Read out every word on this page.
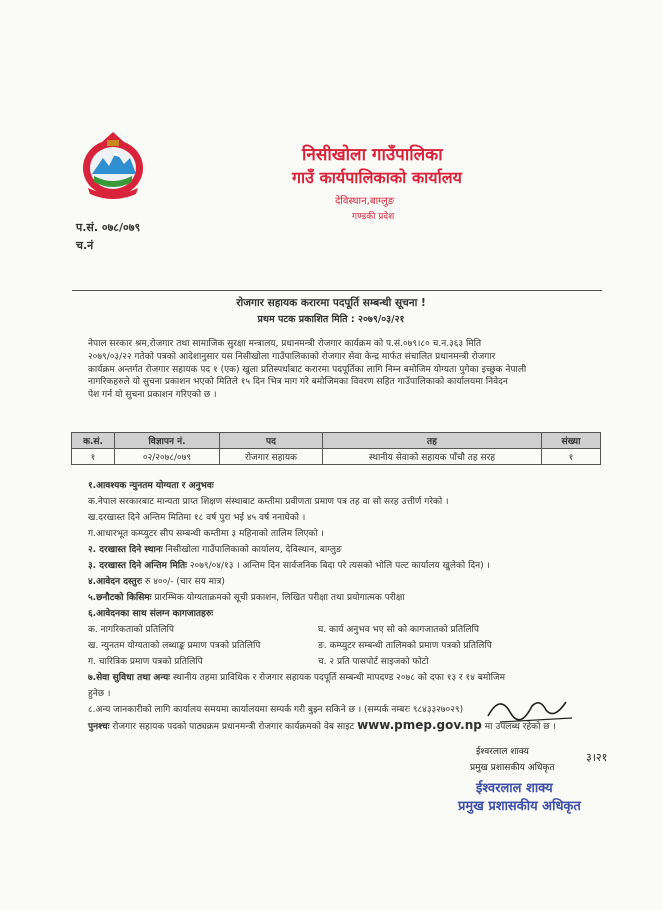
निसीखोला गाउँपालिका
गाउँ कार्यपालिकाको कार्यालय
देविस्थान,बाग्लुङ
गण्डकी प्रदेश
प.सं. ०७८/०७९
च.नं
रोजगार सहायक करारमा पदपूर्ति सम्बन्धी सूचना !
प्रथम पटक प्रकाशित मिति : २०७९/०३/२१
नेपाल सरकार श्रम,रोजगार तथा सामाजिक सुरक्षा मन्त्रालय, प्रधानमन्त्री रोजगार कार्यक्रम को प.सं.०७९।८० च.न.३६३ मिति
२०७९/०३/२२ गतेको पत्रको आदेशानुसार यस निसीखोला गाउँपालिकाको रोजगार सेवा केन्द्र मार्फत संचालित प्रधानमन्त्री रोजगार
कार्यक्रम अन्तर्गत रोजगार सहायक पद १ (एक) खुला प्रतिस्पर्धाबाट करारमा पदपूर्तिका लागि निम्न बमोजिम योग्यता पुगेका इच्छुक नेपाली
नागरिकहरुले यो सुचना प्रकाशन भएको मितिले १५ दिन भित्र माग गरे बमोजिमका विवरण सहित गाउँपालिकाको कार्यालयमा निवेदन
पेश गर्न यो सुचना प्रकाशन गरिएको छ ।
क.सं.	विज्ञापन नं.	पद	तह	संख्या
१	०२/२०७८/०७९	रोजगार सहायक	स्थानीय सेवाको सहायक पाँचौ तह सरह	१
१.आवश्यक न्युनतम योग्यता र अनुभवः
क.नेपाल सरकारबाट मान्यता प्राप्त शिक्षण संस्थाबाट कम्तीमा प्रवीणता प्रमाण पत्र तह वा सो सरह उत्तीर्ण गरेको ।
ख.दरखास्त दिने अन्तिम मितिमा १८ वर्ष पुरा भई ४५ वर्ष ननाघेको ।
ग.आधारभूत कम्प्युटर सीप सम्बन्धी कम्तीमा ३ महिनाको तालिम लिएको ।
२. दरखास्त दिने स्थानः निसीखोला गाउँपालिकाको कार्यालय, देविस्थान, बाग्लुङ
३. दरखास्त दिने अन्तिम मितिः २०७९/०४/१३ । अन्तिम दिन सार्वजनिक बिदा परे त्यसको भोलि पल्ट कार्यालय खुलेको दिन) ।
४.आवेदन दस्तुरः रु ४००/- (चार सय मात्र)
५.छनौटको किसिमः प्रारम्भिक योग्यताक्रमको सूची प्रकाशन, लिखित परीक्षा तथा प्रयोगात्मक परीक्षा
६.आवेदनका साथ संलग्न कागजातहरुः
क. नागरिकताको प्रतिलिपि
ख. न्युनतम योग्यताको लब्धाङ्क प्रमाण पत्रको प्रतिलिपि
ग. चारित्रिक प्रमाण पत्रको प्रतिलिपि
घ. कार्य अनुभव भए सो को कागजातको प्रतिलिपि
ङ. कम्प्युटर सम्बन्धी तालिमको प्रमाण पत्रको प्रतिलिपि
च. २ प्रति पासपोर्ट साइजको फोटो
७.सेवा सुविधा तथा अन्यः स्थानीय तहमा प्राविधिक र रोजगार सहायक पदपूर्ति सम्बन्धी मापदण्ड २०७८ को दफा १३ र १४ बमोजिम
हुनेछ ।
८.अन्य जानकारीको लागि कार्यालय समयमा कार्यालयमा सम्पर्क गरी बुझ्न सकिने छ । (सम्पर्क नम्बरः ९८४३३२७०२९)
पुनश्चः रोजगार सहायक पदको पाठ्यक्रम प्रधानमन्त्री रोजगार कार्यक्रमको वेब साइट www.pmep.gov.np मा उपलब्ध रहेको छ ।
ईश्वरलाल शाक्य	३।२१
प्रमुख प्रशासकीय अधिकृत
ईश्वरलाल शाक्य
प्रमुख प्रशासकीय अधिकृत
